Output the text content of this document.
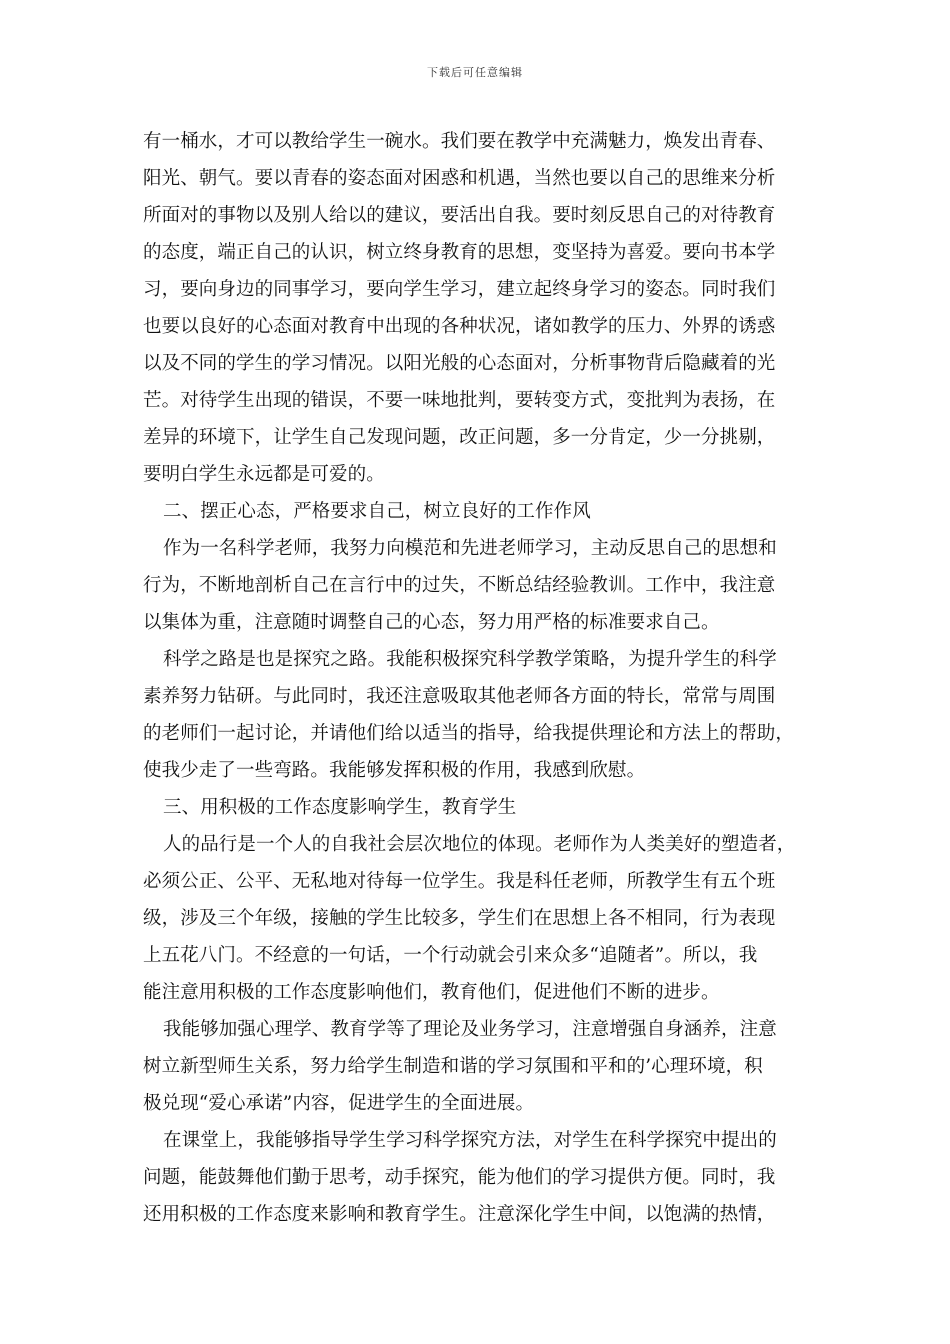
下载后可任意编辑
有一桶水，才可以教给学生一碗水。我们要在教学中充满魅力，焕发出青春、
阳光、朝气。要以青春的姿态面对困惑和机遇，当然也要以自己的思维来分析
所面对的事物以及别人给以的建议，要活出自我。要时刻反思自己的对待教育
的态度，端正自己的认识，树立终身教育的思想，变坚持为喜爱。要向书本学
习，要向身边的同事学习，要向学生学习，建立起终身学习的姿态。同时我们
也要以良好的心态面对教育中出现的各种状况，诸如教学的压力、外界的诱惑
以及不同的学生的学习情况。以阳光般的心态面对，分析事物背后隐藏着的光
芒。对待学生出现的错误，不要一味地批判，要转变方式，变批判为表扬，在
差异的环境下，让学生自己发现问题，改正问题，多一分肯定，少一分挑剔，
要明白学生永远都是可爱的。
二、摆正心态，严格要求自己，树立良好的工作作风
作为一名科学老师，我努力向模范和先进老师学习，主动反思自己的思想和
行为，不断地剖析自己在言行中的过失，不断总结经验教训。工作中，我注意
以集体为重，注意随时调整自己的心态，努力用严格的标准要求自己。
科学之路是也是探究之路。我能积极探究科学教学策略，为提升学生的科学
素养努力钻研。与此同时，我还注意吸取其他老师各方面的特长，常常与周围
的老师们一起讨论，并请他们给以适当的指导，给我提供理论和方法上的帮助，
使我少走了一些弯路。我能够发挥积极的作用，我感到欣慰。
三、用积极的工作态度影响学生，教育学生
人的品行是一个人的自我社会层次地位的体现。老师作为人类美好的塑造者，
必须公正、公平、无私地对待每一位学生。我是科任老师，所教学生有五个班
级，涉及三个年级，接触的学生比较多，学生们在思想上各不相同，行为表现
上五花八门。不经意的一句话，一个行动就会引来众多“追随者”。所以，我
能注意用积极的工作态度影响他们，教育他们，促进他们不断的进步。
我能够加强心理学、教育学等了理论及业务学习，注意增强自身涵养，注意
树立新型师生关系，努力给学生制造和谐的学习氛围和平和的’心理环境，积
极兑现“爱心承诺”内容，促进学生的全面进展。
在课堂上，我能够指导学生学习科学探究方法，对学生在科学探究中提出的
问题，能鼓舞他们勤于思考，动手探究，能为他们的学习提供方便。同时，我
还用积极的工作态度来影响和教育学生。注意深化学生中间，以饱满的热情，
